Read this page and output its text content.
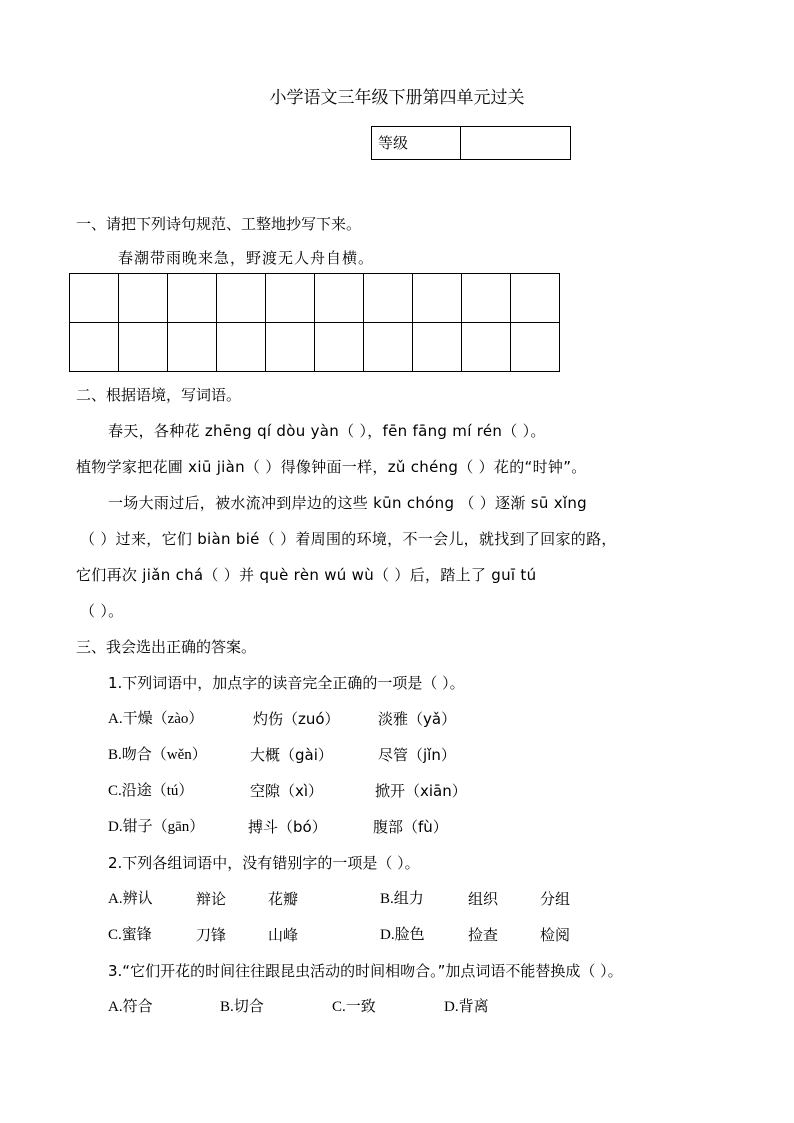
小学语文三年级下册第四单元过关
等级
一、请把下列诗句规范、工整地抄写下来。
春潮带雨晚来急，野渡无人舟自横。

二、根据语境，写词语。
春天，各种花 zhēng qí dòu yàn（ ），fēn fāng mí rén（ ）。
植物学家把花圃 xiū jiàn（ ）得像钟面一样，zǔ chéng（ ）花的“时钟”。
一场大雨过后，被水流冲到岸边的这些 kūn chóng （ ）逐渐 sū xǐng
（ ）过来，它们 biàn bié（ ）着周围的环境，不一会儿，就找到了回家的路，
它们再次 jiǎn chá（ ）并 què rèn wú wù（ ）后，踏上了 guī tú
（ ）。
三、我会选出正确的答案。
1.下列词语中，加点字的读音完全正确的一项是（ ）。
A.干燥（zào）	灼伤（zuó）	淡雅（yǎ）
B.吻合（wěn）	大概（gài）	尽管（jǐn）
C.沿途（tú）	空隙（xì）	掀开（xiān）
D.钳子（gān）	搏斗（bó）	腹部（fù）
2.下列各组词语中，没有错别字的一项是（ ）。
A.辨认	辩论	花瓣	B.组力	组织	分组
C.蜜锋	刀锋	山峰	D.脸色	捡查	检阅
3.“它们开花的时间往往跟昆虫活动的时间相吻合。”加点词语不能替换成（ ）。
A.符合	B.切合	C.一致	D.背离
